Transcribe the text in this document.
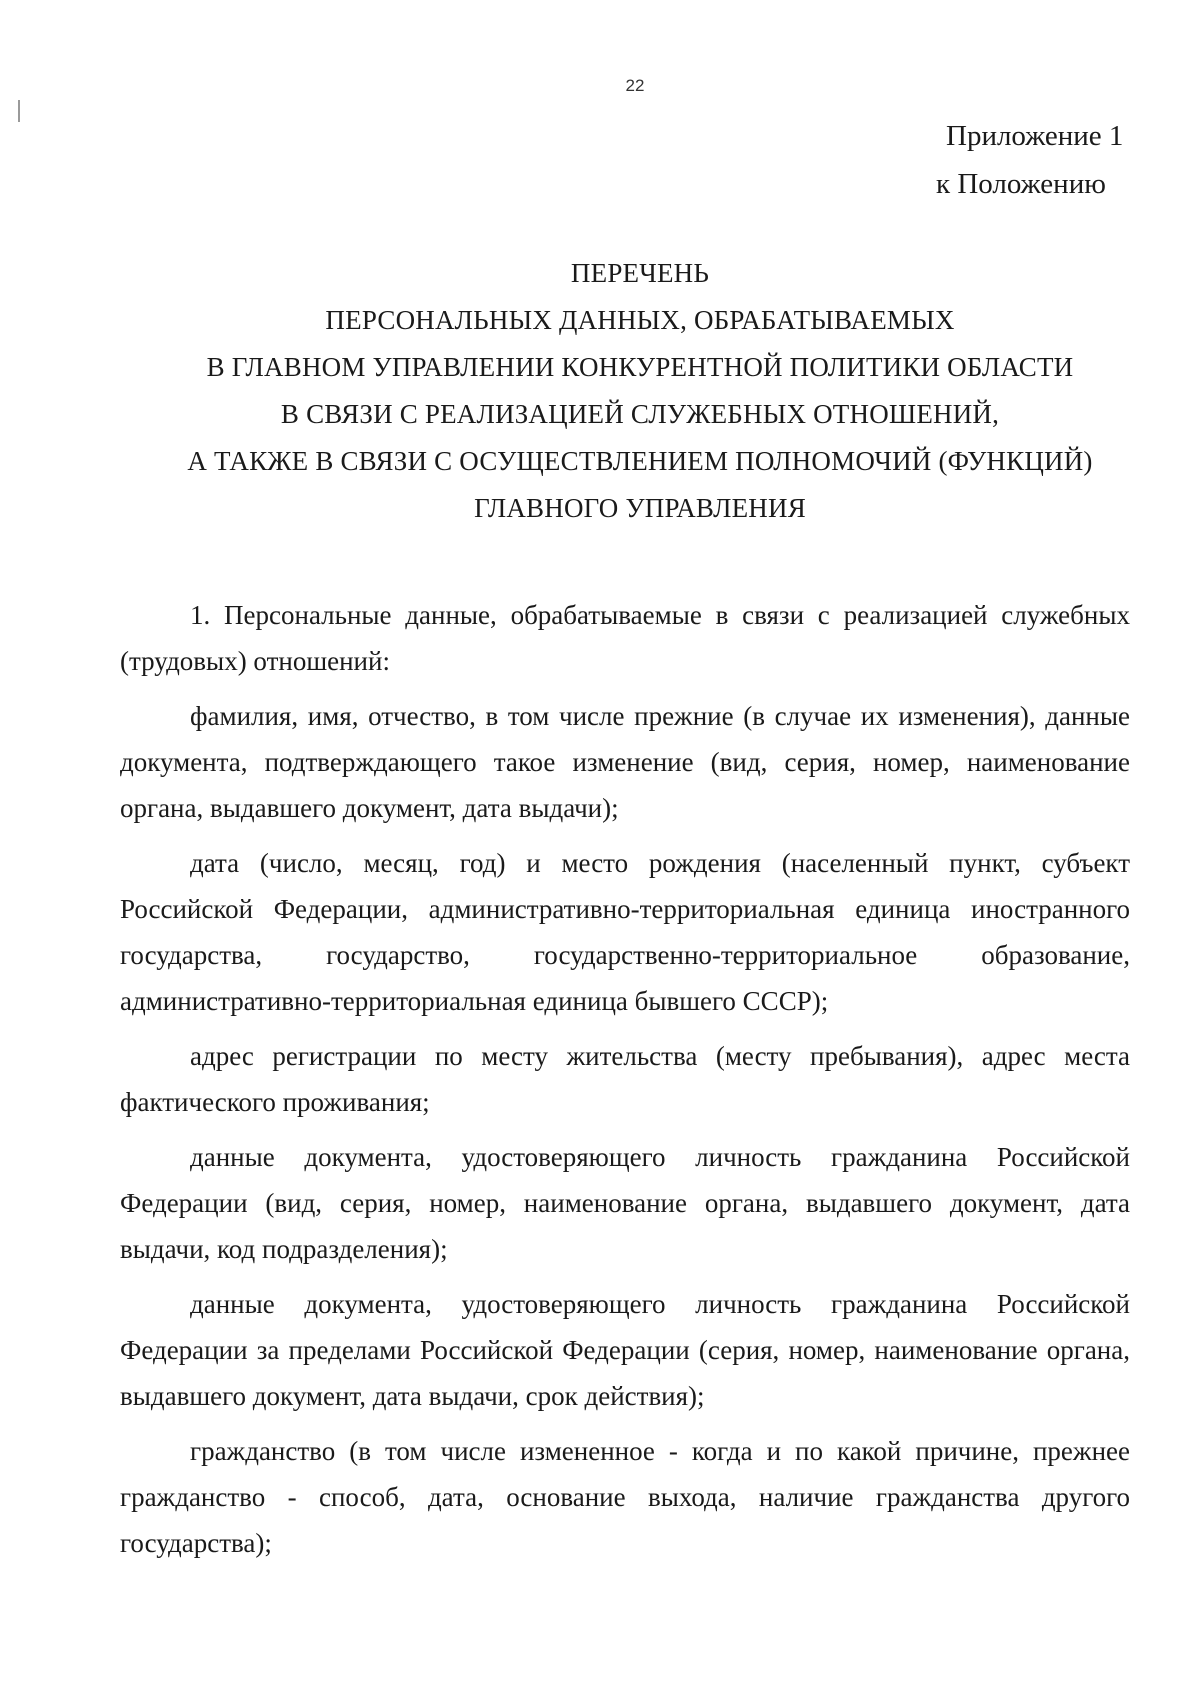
22
Приложение 1
к Положению
ПЕРЕЧЕНЬ
ПЕРСОНАЛЬНЫХ ДАННЫХ, ОБРАБАТЫВАЕМЫХ
В ГЛАВНОМ УПРАВЛЕНИИ КОНКУРЕНТНОЙ ПОЛИТИКИ ОБЛАСТИ
В СВЯЗИ С РЕАЛИЗАЦИЕЙ СЛУЖЕБНЫХ ОТНОШЕНИЙ,
А ТАКЖЕ В СВЯЗИ С ОСУЩЕСТВЛЕНИЕМ ПОЛНОМОЧИЙ (ФУНКЦИЙ)
ГЛАВНОГО УПРАВЛЕНИЯ

1. Персональные данные, обрабатываемые в связи с реализацией служебных (трудовых) отношений:

фамилия, имя, отчество, в том числе прежние (в случае их изменения), данные документа, подтверждающего такое изменение (вид, серия, номер, наименование органа, выдавшего документ, дата выдачи);

дата (число, месяц, год) и место рождения (населенный пункт, субъект Российской Федерации, административно-территориальная единица иностранного государства, государство, государственно-территориальное образование, административно-территориальная единица бывшего СССР);

адрес регистрации по месту жительства (месту пребывания), адрес места фактического проживания;

данные документа, удостоверяющего личность гражданина Российской Федерации (вид, серия, номер, наименование органа, выдавшего документ, дата выдачи, код подразделения);

данные документа, удостоверяющего личность гражданина Российской Федерации за пределами Российской Федерации (серия, номер, наименование органа, выдавшего документ, дата выдачи, срок действия);

гражданство (в том числе измененное - когда и по какой причине, прежнее гражданство - способ, дата, основание выхода, наличие гражданства другого государства);
